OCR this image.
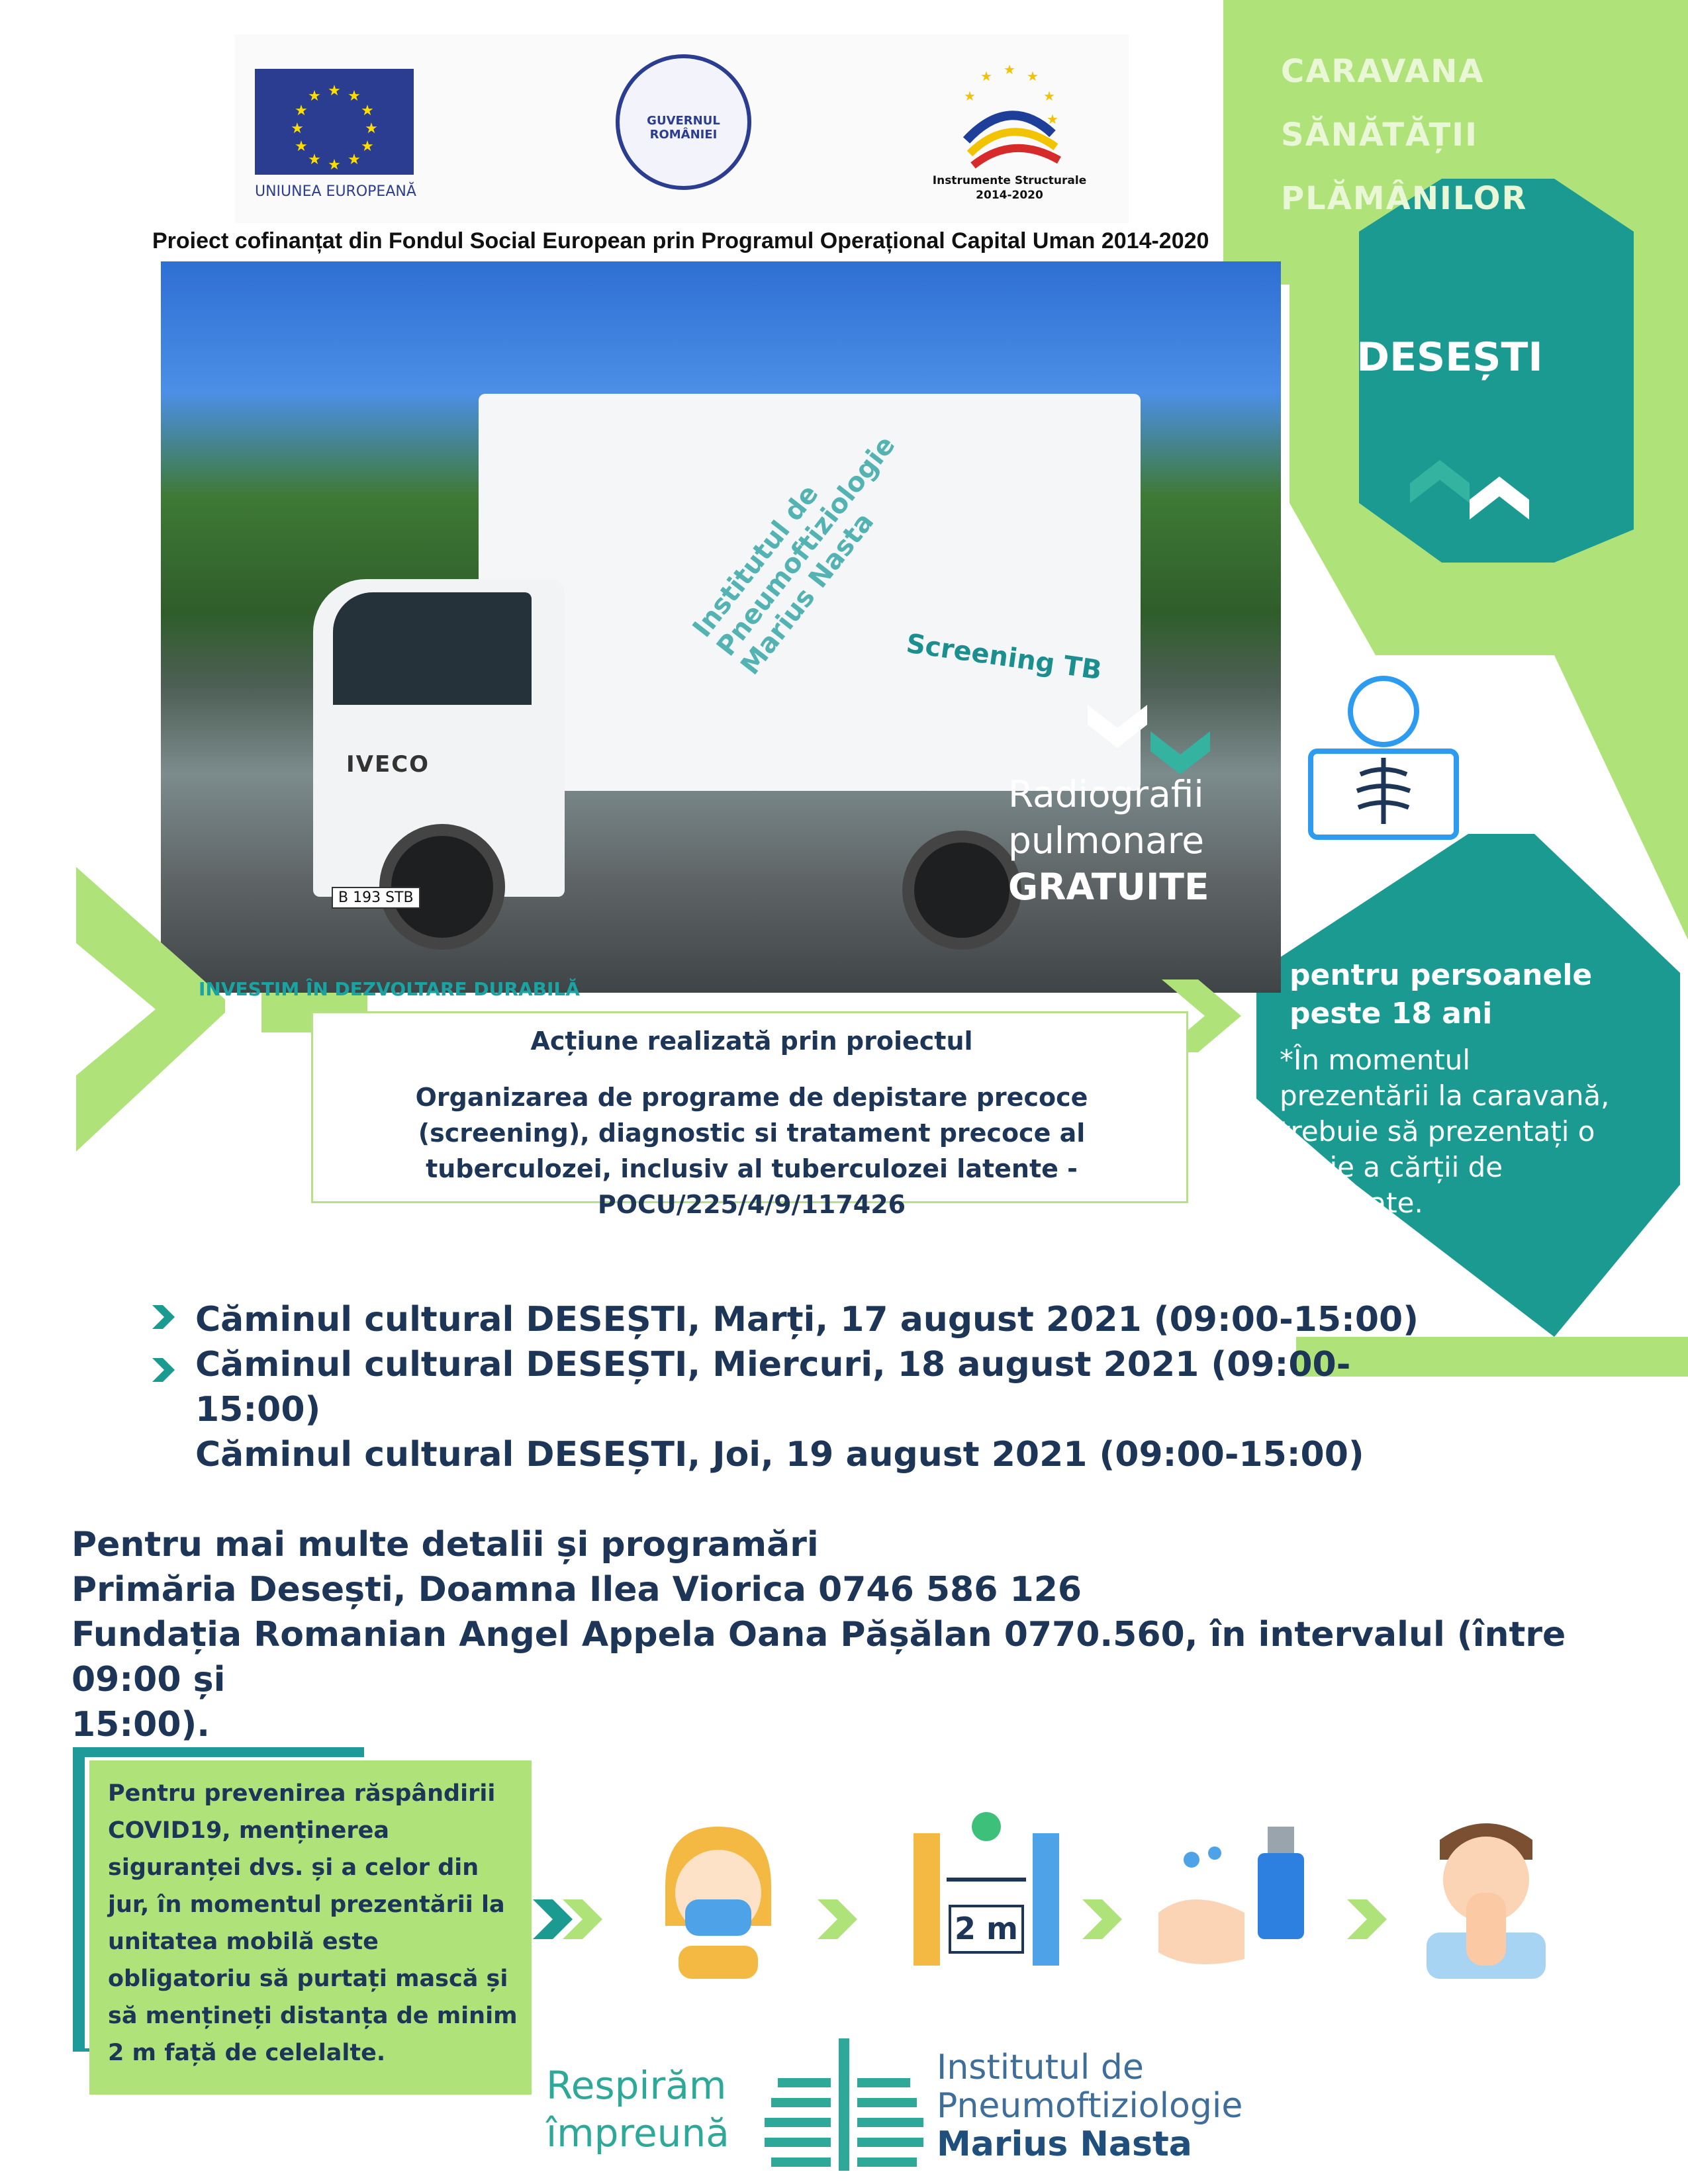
★ ★
★
★
★
★
★
★
★
★
★
★
UNIUNEA EUROPEANĂ
GUVERNUL ROMÂNIEI
★ ★
★
★
★
★
Instrumente Structurale
2014-2020
Proiect cofinanțat din Fondul Social European prin Programul Operațional Capital Uman 2014-2020
CARAVANA
SĂNĂTĂȚII
PLĂMÂNILOR
DESEȘTI
IVECO
B 193 STB
Screening TB
Institutul de Pneumoftiziologie Marius Nasta
Radiografii
pulmonare
GRATUITE
INVESTIM ÎN DEZVOLTARE DURABILĂ
Acțiune realizată prin proiectul
Organizarea de programe de depistare precoce (screening), diagnostic si tratament precoce al tuberculozei, inclusiv al tuberculozei latente - POCU/225/4/9/117426
pentru persoanele
peste 18 ani
*În momentul prezentării la caravană, trebuie să prezentați o copie a cărții de identitate.
Căminul cultural DESEȘTI, Marți, 17 august 2021 (09:00-15:00)
Căminul cultural DESEȘTI, Miercuri, 18 august 2021 (09:00-15:00)
Căminul cultural DESEȘTI, Joi, 19 august 2021 (09:00-15:00)
Pentru mai multe detalii și programări
Primăria Desești, Doamna Ilea Viorica 0746 586 126
Fundația Romanian Angel Appela Oana Pășălan 0770.560, în intervalul (între 09:00 și
15:00).
Pentru prevenirea răspândirii COVID19, menținerea siguranței dvs. și a celor din jur, în momentul prezentării la unitatea mobilă este obligatoriu să purtați mască și să mențineți distanța de minim 2 m față de celelalte.
2 m
Respirăm
împreună
Institutul de
Pneumoftiziologie
Marius Nasta
